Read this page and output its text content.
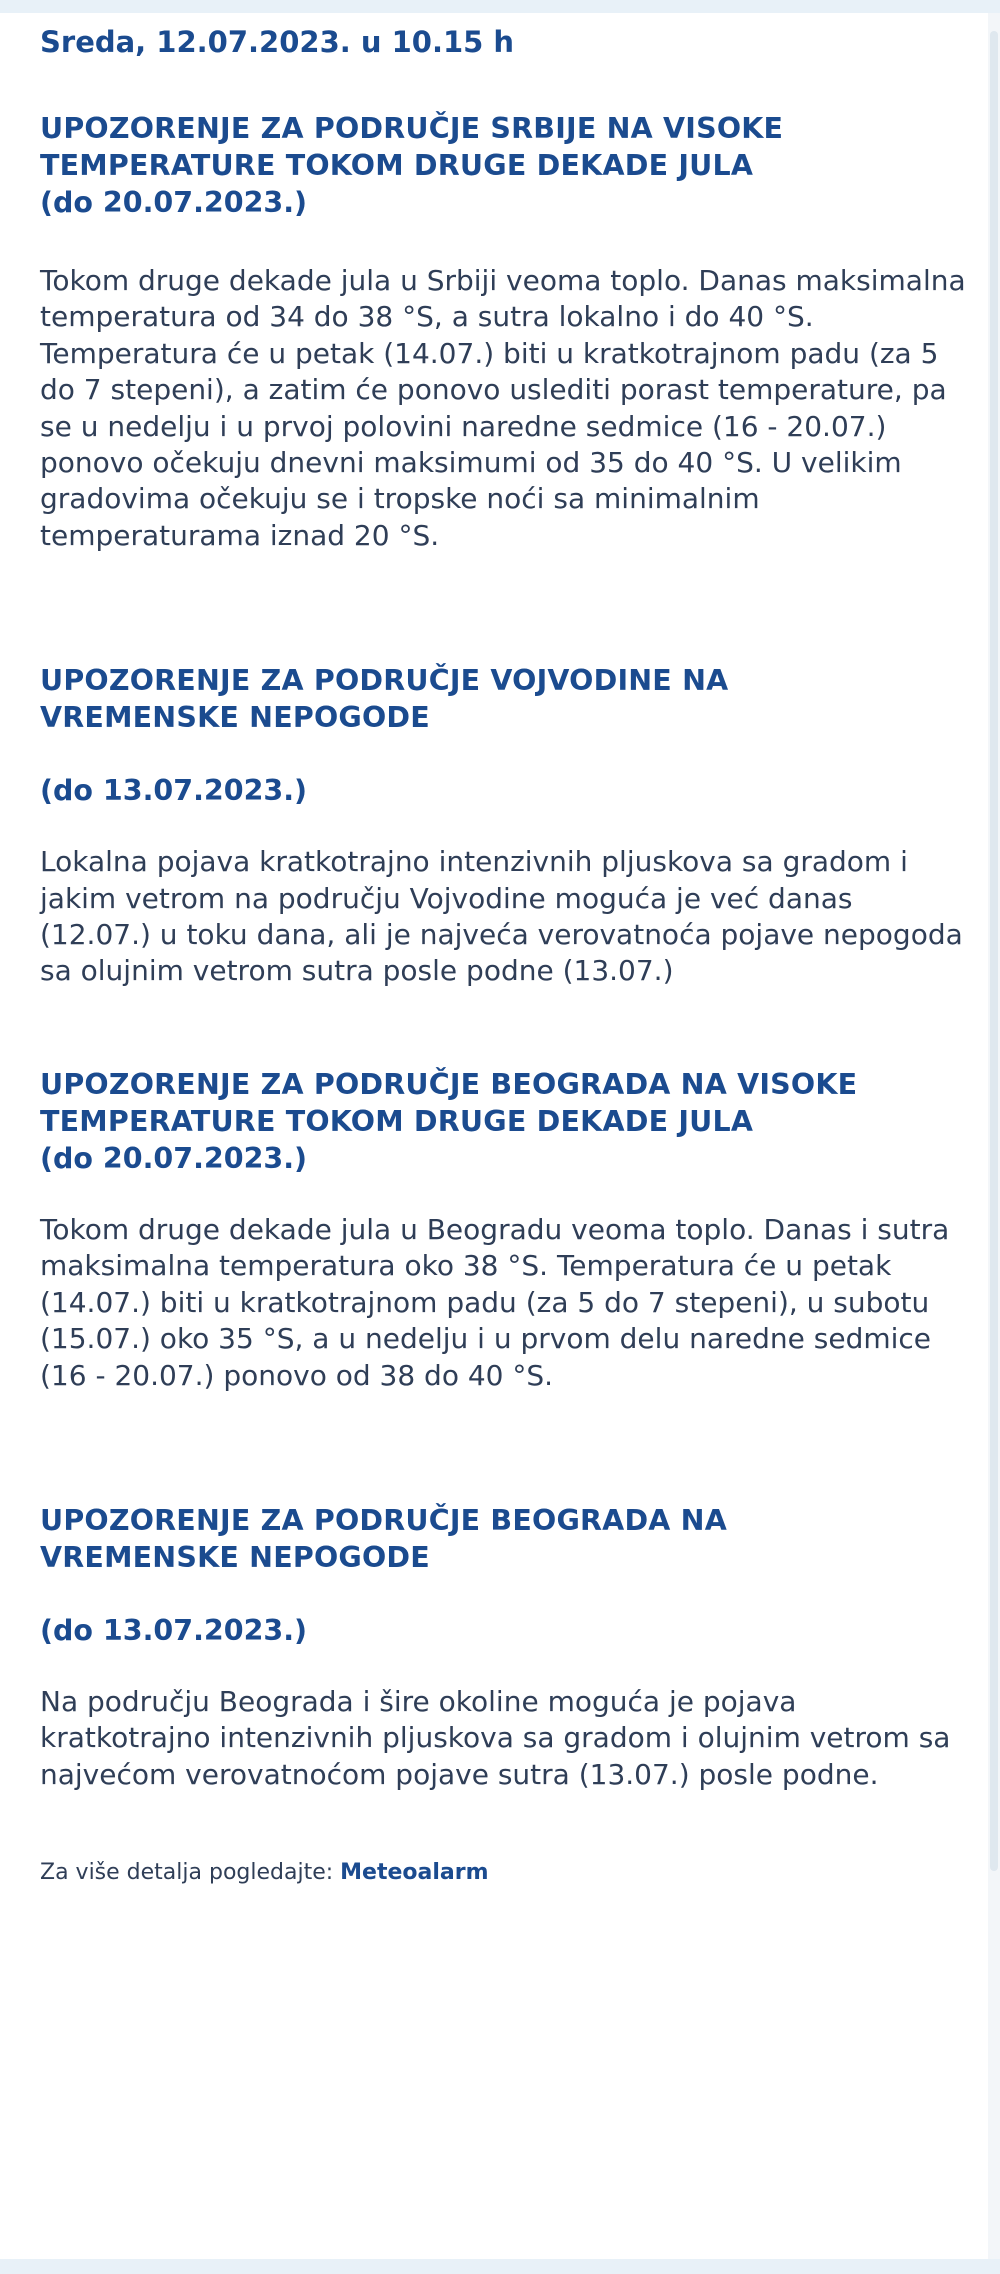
Sreda, 12.07.2023. u 10.15 h
UPOZORENJE ZA PODRUČJE SRBIJE NA VISOKE
TEMPERATURE TOKOM DRUGE DEKADE JULA
(do 20.07.2023.)

Tokom druge dekade jula u Srbiji veoma toplo. Danas maksimalna temperatura od 34 do 38 °S, a sutra lokalno i do 40 °S. Temperatura će u petak (14.07.) biti u kratkotrajnom padu (za 5 do 7 stepeni), a zatim će ponovo uslediti porast temperature, pa se u nedelju i u prvoj polovini naredne sedmice (16 - 20.07.) ponovo očekuju dnevni maksimumi od 35 do 40 °S. U velikim gradovima očekuju se i tropske noći sa minimalnim temperaturama iznad 20 °S.

UPOZORENJE ZA PODRUČJE VOJVODINE NA
VREMENSKE NEPOGODE
(do 13.07.2023.)

Lokalna pojava kratkotrajno intenzivnih pljuskova sa gradom i jakim vetrom na području Vojvodine moguća je već danas (12.07.) u toku dana, ali je najveća verovatnoća pojave nepogoda sa olujnim vetrom sutra posle podne (13.07.)

UPOZORENJE ZA PODRUČJE BEOGRADA NA VISOKE
TEMPERATURE TOKOM DRUGE DEKADE JULA
(do 20.07.2023.)

Tokom druge dekade jula u Beogradu veoma toplo. Danas i sutra maksimalna temperatura oko 38 °S. Temperatura će u petak (14.07.) biti u kratkotrajnom padu (za 5 do 7 stepeni), u subotu (15.07.) oko 35 °S, a u nedelju i u prvom delu naredne sedmice (16 - 20.07.) ponovo od 38 do 40 °S.

UPOZORENJE ZA PODRUČJE BEOGRADA NA
VREMENSKE NEPOGODE
(do 13.07.2023.)

Na području Beograda i šire okoline moguća je pojava kratkotrajno intenzivnih pljuskova sa gradom i olujnim vetrom sa najvećom verovatnoćom pojave sutra (13.07.) posle podne.

Za više detalja pogledajte: Meteoalarm
